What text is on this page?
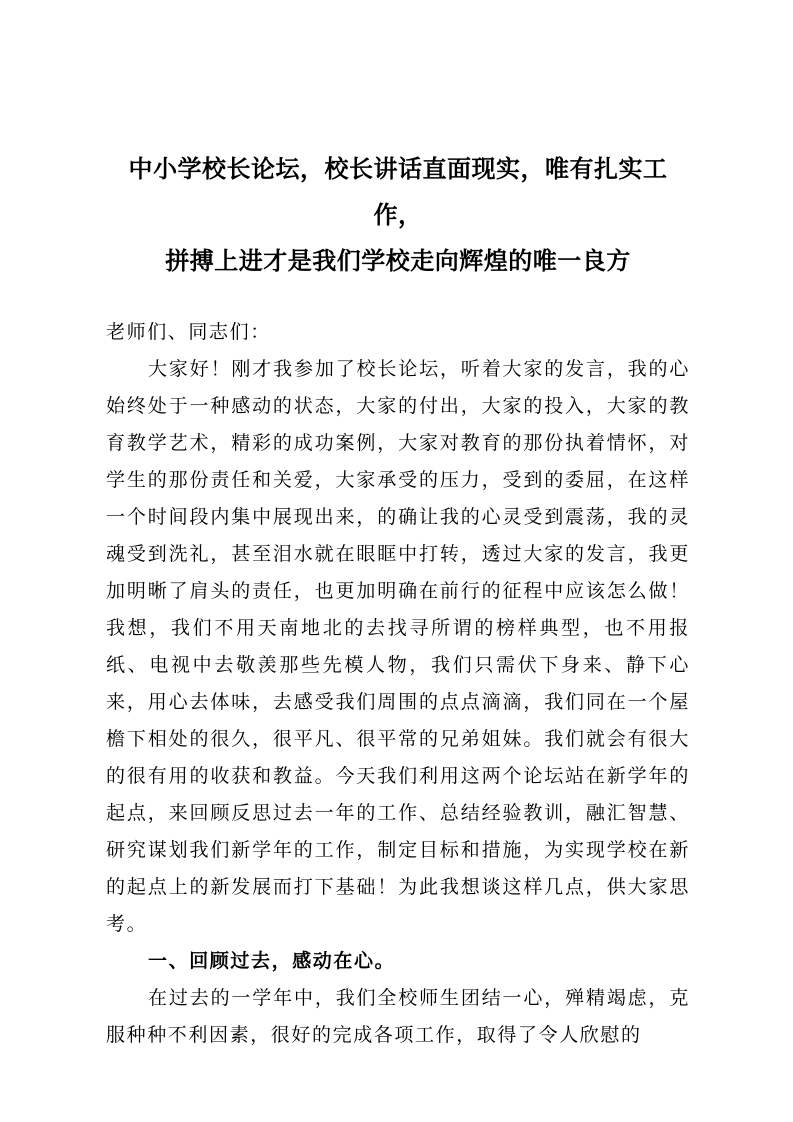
中小学校长论坛，校长讲话直面现实，唯有扎实工作，
拼搏上进才是我们学校走向辉煌的唯一良方

老师们、同志们：

大家好！刚才我参加了校长论坛，听着大家的发言，我的心始终处于一种感动的状态，大家的付出，大家的投入，大家的教育教学艺术，精彩的成功案例，大家对教育的那份执着情怀，对学生的那份责任和关爱，大家承受的压力，受到的委屈，在这样一个时间段内集中展现出来，的确让我的心灵受到震荡，我的灵魂受到洗礼，甚至泪水就在眼眶中打转，透过大家的发言，我更加明晰了肩头的责任，也更加明确在前行的征程中应该怎么做！我想，我们不用天南地北的去找寻所谓的榜样典型，也不用报纸、电视中去敬羡那些先模人物，我们只需伏下身来、静下心来，用心去体味，去感受我们周围的点点滴滴，我们同在一个屋檐下相处的很久，很平凡、很平常的兄弟姐妹。我们就会有很大的很有用的收获和教益。今天我们利用这两个论坛站在新学年的起点，来回顾反思过去一年的工作、总结经验教训，融汇智慧、研究谋划我们新学年的工作，制定目标和措施，为实现学校在新的起点上的新发展而打下基础！为此我想谈这样几点，供大家思考。

一、回顾过去，感动在心。

在过去的一学年中，我们全校师生团结一心，殚精竭虑，克服种种不利因素，很好的完成各项工作，取得了令人欣慰的
